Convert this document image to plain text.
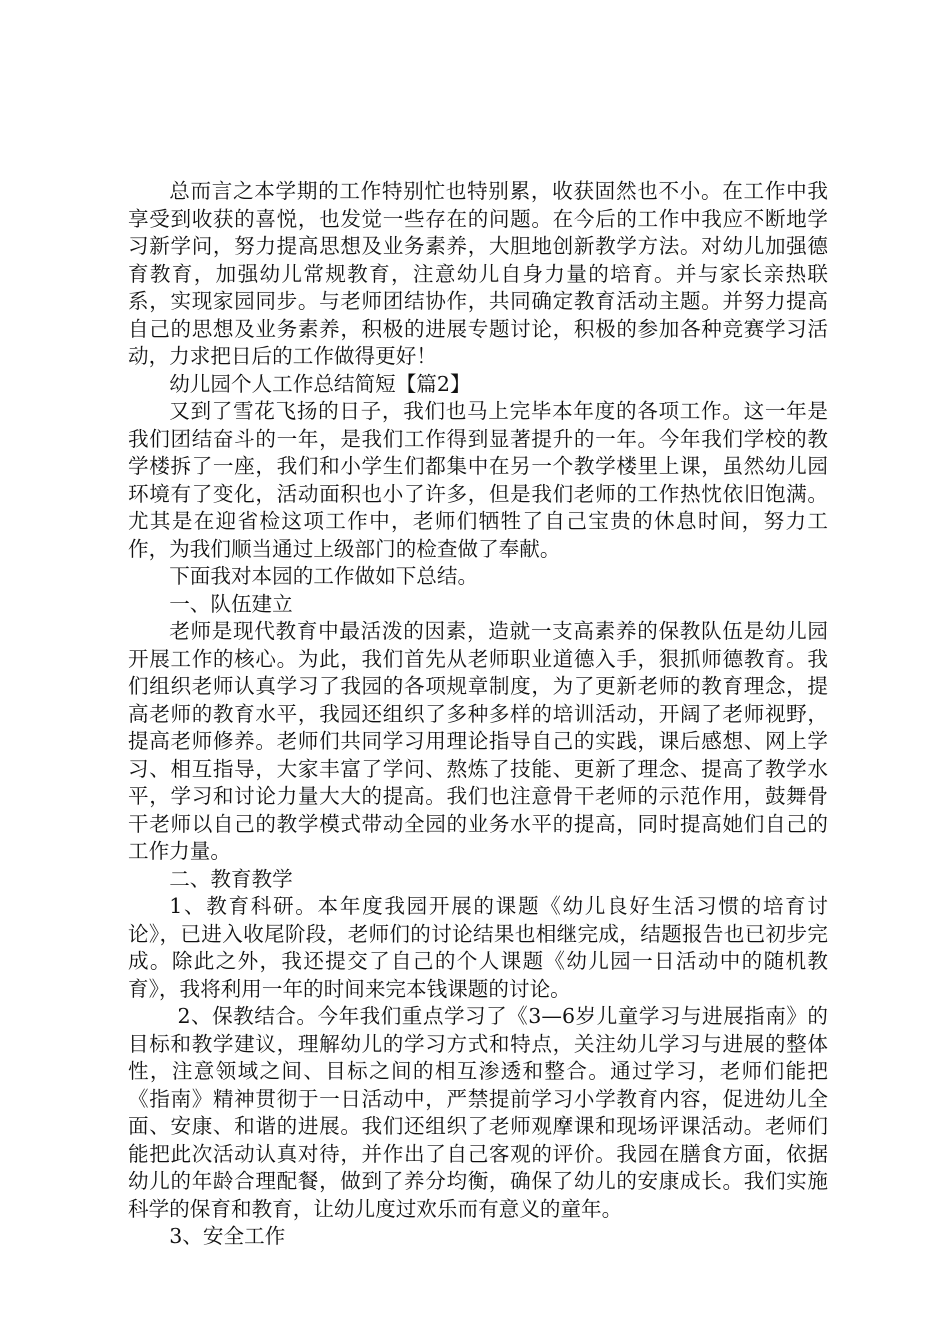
总而言之本学期的工作特别忙也特别累，收获固然也不小。在工作中我享受到收获的喜悦，也发觉一些存在的问题。在今后的工作中我应不断地学习新学问，努力提高思想及业务素养，大胆地创新教学方法。对幼儿加强德育教育，加强幼儿常规教育，注意幼儿自身力量的培育。并与家长亲热联系，实现家园同步。与老师团结协作，共同确定教育活动主题。并努力提高自己的思想及业务素养，积极的进展专题讨论，积极的参加各种竞赛学习活动，力求把日后的工作做得更好！

幼儿园个人工作总结简短【篇2】

又到了雪花飞扬的日子，我们也马上完毕本年度的各项工作。这一年是我们团结奋斗的一年，是我们工作得到显著提升的一年。今年我们学校的教学楼拆了一座，我们和小学生们都集中在另一个教学楼里上课，虽然幼儿园环境有了变化，活动面积也小了许多，但是我们老师的工作热忱依旧饱满。尤其是在迎省检这项工作中，老师们牺牲了自己宝贵的休息时间，努力工作，为我们顺当通过上级部门的检查做了奉献。

下面我对本园的工作做如下总结。

一、队伍建立

老师是现代教育中最活泼的因素，造就一支高素养的保教队伍是幼儿园开展工作的核心。为此，我们首先从老师职业道德入手，狠抓师德教育。我们组织老师认真学习了我园的各项规章制度，为了更新老师的教育理念，提高老师的教育水平，我园还组织了多种多样的培训活动，开阔了老师视野，提高老师修养。老师们共同学习用理论指导自己的实践，课后感想、网上学习、相互指导，大家丰富了学问、熬炼了技能、更新了理念、提高了教学水平，学习和讨论力量大大的提高。我们也注意骨干老师的示范作用，鼓舞骨干老师以自己的教学模式带动全园的业务水平的提高，同时提高她们自己的工作力量。

二、教育教学

1、教育科研。本年度我园开展的课题《幼儿良好生活习惯的培育讨论》，已进入收尾阶段，老师们的讨论结果也相继完成，结题报告也已初步完成。除此之外，我还提交了自己的个人课题《幼儿园一日活动中的随机教育》，我将利用一年的时间来完本钱课题的讨论。

2、保教结合。今年我们重点学习了《3—6岁儿童学习与进展指南》的目标和教学建议，理解幼儿的学习方式和特点，关注幼儿学习与进展的整体性，注意领域之间、目标之间的相互渗透和整合。通过学习，老师们能把《指南》精神贯彻于一日活动中，严禁提前学习小学教育内容，促进幼儿全面、安康、和谐的进展。我们还组织了老师观摩课和现场评课活动。老师们能把此次活动认真对待，并作出了自己客观的评价。我园在膳食方面，依据幼儿的年龄合理配餐，做到了养分均衡，确保了幼儿的安康成长。我们实施科学的保育和教育，让幼儿度过欢乐而有意义的童年。

3、安全工作
